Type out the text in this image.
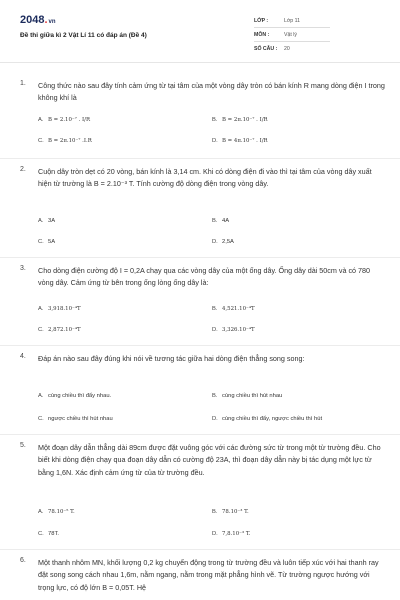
2048.vn
Đề thi giữa kì 2 Vật Lí 11 có đáp án (Đề 4)
LỚP :	Lớp 11
MÔN :	Vật lý
SỐ CÂU : 20
1. Công thức nào sau đây tính cảm ứng từ tại tâm của một vòng dây tròn có bán kính R mang dòng điện I trong không khí là
A. B = 2.10⁻⁷ . I/R	B. B = 2π.10⁻⁷ . I/R
C. B = 2π.10⁻⁷ .I.R	D. B = 4π.10⁻⁷ . I/R
2. Cuộn dây tròn dẹt có 20 vòng, bán kính là 3,14 cm. Khi có dòng điện đi vào thì tại tâm của vòng dây xuất hiện từ trường là B = 2.10⁻³ T. Tính cường độ dòng điện trong vòng dây.
A. 3A	B. 4A
C. 5A	D. 2,5A
3. Cho dòng điện cường độ I = 0,2A chạy qua các vòng dây của một ống dây. Ống dây dài 50cm và có 780 vòng dây. Cảm ứng từ bên trong ống lòng ống dây là:
A. 3,918.10⁻⁴T	B. 4,521.10⁻⁴T
C. 2,872.10⁻⁴T	D. 3,326.10⁻⁴T
4. Đáp án nào sau đây đúng khi nói về tương tác giữa hai dòng điện thẳng song song:
A. cùng chiều thì đẩy nhau.	B. cùng chiều thì hút nhau
C. ngược chiều thì hút nhau	D. cùng chiều thì đẩy, ngược chiều thì hút
5. Một đoạn dây dẫn thẳng dài 89cm được đặt vuông góc với các đường sức từ trong một từ trường đều. Cho biết khi dòng điện chạy qua đoạn dây dẫn có cường độ 23A, thì đoạn dây dẫn này bị tác dụng một lực từ bằng 1,6N. Xác định cảm ứng từ của từ trường đều.
A. 78.10⁻⁵ T.	B. 78.10⁻³ T.
C. 78T.	D. 7,8.10⁻³ T.
6. Một thanh nhôm MN, khối lượng 0,2 kg chuyển động trong từ trường đều và luôn tiếp xúc với hai thanh ray đặt song song cách nhau 1,6m, nằm ngang, nằm trong mặt phẳng hình vẽ. Từ trường ngược hướng với trọng lực, có độ lớn B = 0,05T. Hệ
